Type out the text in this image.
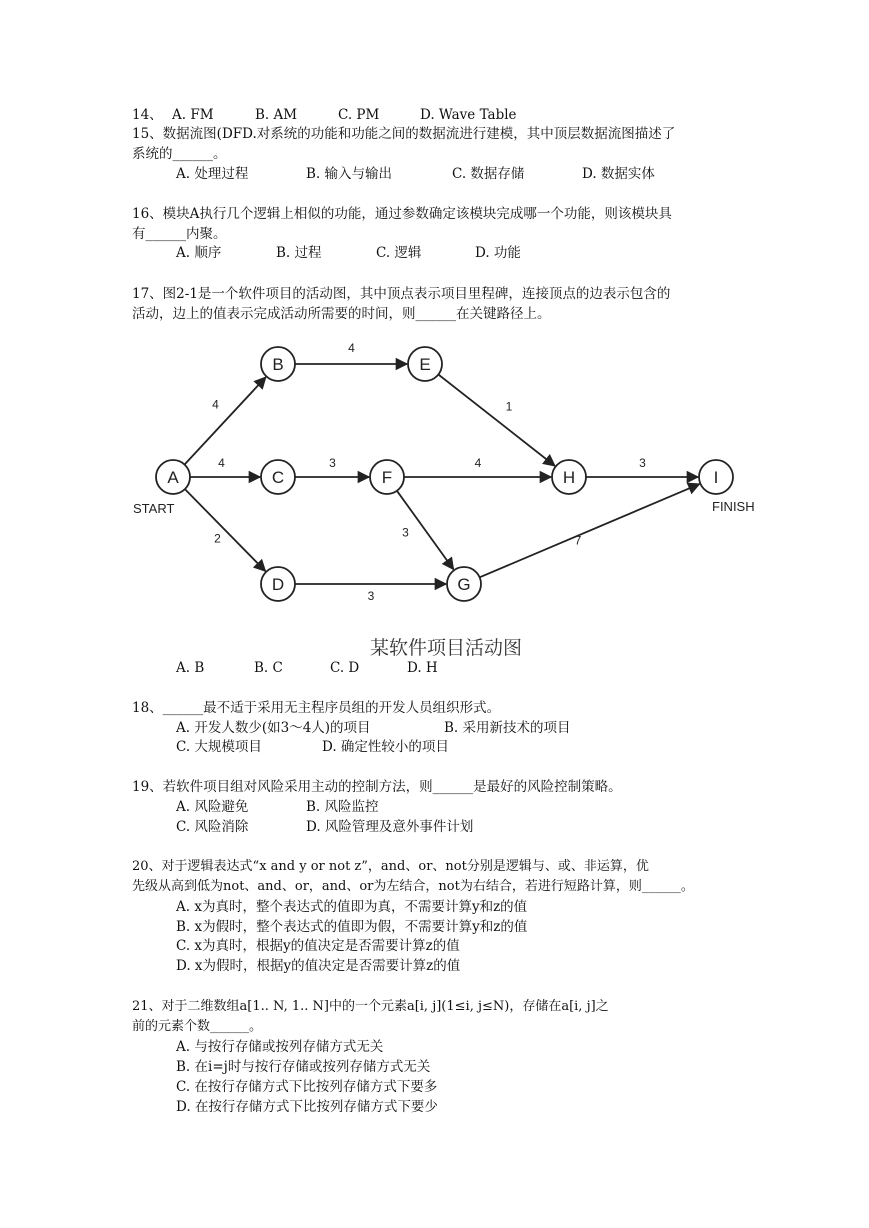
14、 A. FM	B. AM	C. PM	D. Wave Table
15、数据流图(DFD.对系统的功能和功能之间的数据流进行建模，其中顶层数据流图描述了
系统的______。
A. 处理过程	B. 输入与输出	C. 数据存储	D. 数据实体
16、模块A执行几个逻辑上相似的功能，通过参数确定该模块完成哪一个功能，则该模块具
有______内聚。
A. 顺序	B. 过程	C. 逻辑	D. 功能
17、图2-1是一个软件项目的活动图，其中顶点表示项目里程碑，连接顶点的边表示包含的
活动，边上的值表示完成活动所需要的时间，则______在关键路径上。
4
4
2
4
3
3
1
4
3
3
7
A
B
C
D
E
F
G
H	I
START	FINISH
某软件项目活动图
A. B	B. C	C. D	D. H
18、______最不适于采用无主程序员组的开发人员组织形式。
A. 开发人数少(如3～4人)的项目	B. 采用新技术的项目
C. 大规模项目	D. 确定性较小的项目
19、若软件项目组对风险采用主动的控制方法，则______是最好的风险控制策略。
A. 风险避免	B. 风险监控
C. 风险消除	D. 风险管理及意外事件计划
20、对于逻辑表达式“x and y or not z”，and、or、not分别是逻辑与、或、非运算，优
先级从高到低为not、and、or，and、or为左结合，not为右结合，若进行短路计算，则______。
A. x为真时，整个表达式的值即为真，不需要计算y和z的值
B. x为假时，整个表达式的值即为假，不需要计算y和z的值
C. x为真时，根据y的值决定是否需要计算z的值
D. x为假时，根据y的值决定是否需要计算z的值
21、对于二维数组a[1.. N, 1.. N]中的一个元素a[i, j](1≤i, j≤N)，存储在a[i, j]之
前的元素个数______。
A. 与按行存储或按列存储方式无关
B. 在i=j时与按行存储或按列存储方式无关
C. 在按行存储方式下比按列存储方式下要多
D. 在按行存储方式下比按列存储方式下要少
